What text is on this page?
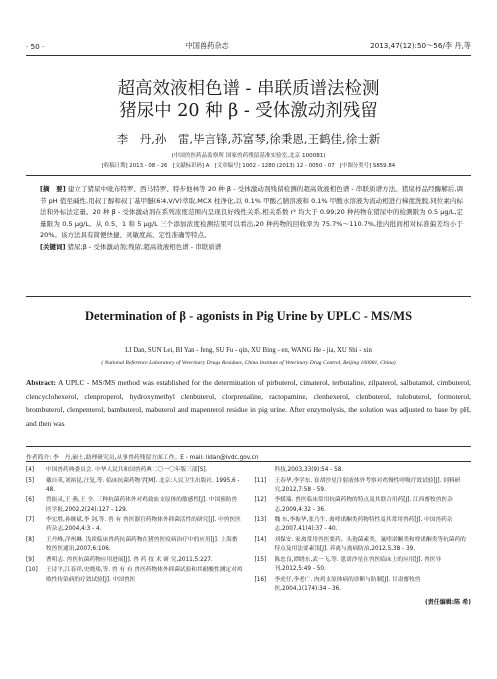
· 50 ·	中国兽药杂志	2013,47(12):50～56/李 丹,等
超高效液相色谱 - 串联质谱法检测
猪尿中 20 种 β - 受体激动剂残留
李　丹,孙　雷,毕言锋,苏富琴,徐秉恩,王鹤佳,徐士新
(中国兽医药品监察所 国家兽药残留基准实验室,北京 100081)
[收稿日期] 2013 - 08 - 26　[文献标识码] A　[文章编号] 1002 - 1280 (2013) 12 - 0050 - 07　[中图分类号] S859.84

[摘　要] 建立了猪尿中吡布特罗、西马特罗、特步他林等 20 种 β - 受体激动剂残留检测的超高效液相色谱 - 串联质谱方法。猪尿样品经酶解后,调节 pH 值至碱性,用叔丁醇和叔丁基甲醚(6∶4,V/V)萃取,MCX 柱净化,以 0.1% 甲酸乙腈溶液和 0.1% 甲酸水溶液为流动相进行梯度洗脱,同位素内标法和外标法定量。20 种 β - 受体激动剂在系列浓度范围内呈现良好线性关系,相关系数 r² 均大于 0.99;20 种药物在猪尿中的检测限为 0.5 μg/L,定量限为 0.5 μg/L。从 0.5、1 和 5 μg/L 三个添加浓度检测结果可以看出,20 种药物的回收率为 75.7%～110.7%,批内批间相对标准偏差均小于 20%。该方法具有简便快捷、灵敏度高、定性准确等特点。

[关键词] 猪尿;β - 受体激动剂;残留;超高效液相色谱 - 串联质谱

Determination of β - agonists in Pig Urine by UPLC - MS/MS
LI Dan, SUN Lei, BI Yan - feng, SU Fu - qin, XU Bing - en, WANG He - jia, XU Shi - xin
( National Reference Laboratory of Veterinary Drugs Residues, China Institute of Veterinary Drug Control, Beijing 100081, China)
Abstract: A UPLC - MS/MS method was established for the determination of pirbuterol, cimaterol, terbutaline, zilpaterol, salbutamol, cimbuterol, clencyclohexerol, clenproperol, hydroxymethyl clenbuterol, clorprenaline, ractopamine, clenhexerol, clenbuterol, tulobuterol, formoterol, brombuterol, clenpenterol, bambuterol, mabuterol and mapenterol residue in pig urine. After enzymolysis, the solution was adjusted to base by pH, and then was
作者简介: 李　丹,硕士,助理研究员,从事兽药残留方面工作。E - mail: lidan@ivdc.gov.cn
[4]	中国兽药典委员会. 中华人民共和国兽药典二〇一〇年版三部[S].
[5]	戴自英,刘裕昆,汪复,等. 临床抗菌药物学[M]. 北京:人民卫生出版社. 1995,6 - 48.
[6]	曾振灵,王 燕,王 全. 三种抗菌药体外对鸡致血支原体的敏感性[J]. 中国预防兽医学报,2002,2(24):127 - 129.
[7]	李宏胜,孙继斌,李 剑,等. 兽 有 兽医器官药物体外抑菌活性的研究[J]. 中兽医医药杂志,2004,4:3 - 4.
[8]	王丹峰,洋州琳. 浅谈临床兽药抗菌药物在猪兽医疫病治疗中的应用[J]. 上海畜牧兽医通讯,2007,6:106.
[9]	曹明志. 兽医抗菌药物应用进展[J]. 兽 药 技 术 研 究,2011,5:227.
[10]	王诗平,江春祥,史晓琰,等. 兽 有 有 兽医药物体外抑菌试验和其耐酸性测定对鸡败性传染病的疗效试验[J]. 中国兽医
科技,2003,33(9):54 - 58.
[11]	王春华,李学东. 崔胡沙星注射液体外考察对鸡慢性呼吸疗效试验[J]. 饲料研究,2012,7:58 - 59.
[12]	李媛瑞. 兽医临床常用抗菌药物的特点及其联合用药[J]. 江西畜牧兽医杂志,2009,4:32 - 36.
[13]	魏 东,李振华,张乃生. 禽喹诺酮类药物特性及其常用兽药[J]. 中国兽药杂志,2007,41(4):37 - 40.
[14]	刘保安. 家禽常用兽医要药、头孢菌素类、氟喹诺酮类和喹诺酮类等抗菌药的特点及用法要素浅[J]. 养禽与禽病防治,2012,5,38 - 39.
[15]	陈忠良,谭晓东,武一飞,等. 恩诺沙星在兽医临床上的应用[J]. 兽医导刊,2012,5:49 - 50.
[16]	李虎仔,李老广. 肉鸡支原体病的诊断与防制[J]. 甘肃畜牧兽医,2004,1(174):34 - 36.
(责任编辑:陈 希)
